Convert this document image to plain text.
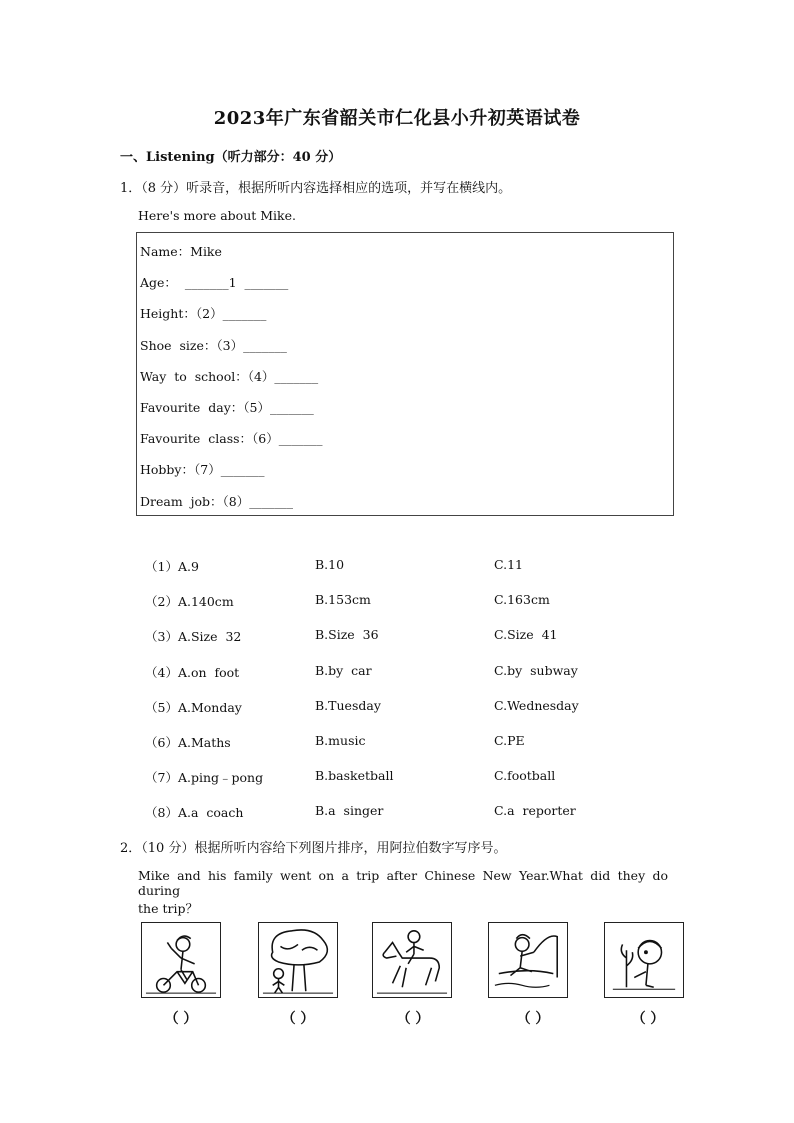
2023年广东省韶关市仁化县小升初英语试卷
一、Listening（听力部分：40 分）
1．（8 分）听录音，根据所听内容选择相应的选项，并写在横线内。
Here's more about Mike.
Name：Mike
Age：  _______1  _______
Height：（2）_______
Shoe  size：（3）_______
Way  to  school：（4）_______
Favourite  day：（5）_______
Favourite  class：（6）_______
Hobby：（7）_______
Dream  job：（8）_______
（1）A.9	B.10	C.11
（2）A.140cm	B.153cm	C.163cm
（3）A.Size  32	B.Size  36	C.Size  41
（4）A.on  foot	B.by  car	C.by  subway
（5）A.Monday	B.Tuesday	C.Wednesday
（6）A.Maths	B.music	C.PE
（7）A.ping﹣pong	B.basketball	C.football
（8）A.a  coach	B.a  singer	C.a  reporter
2．（10 分）根据所听内容给下列图片排序，用阿拉伯数字写序号。
Mike and his family went on a trip after Chinese New Year.What did they do during
the trip？
（ ）	（ ）	（ ）	（ ）	（ ）
